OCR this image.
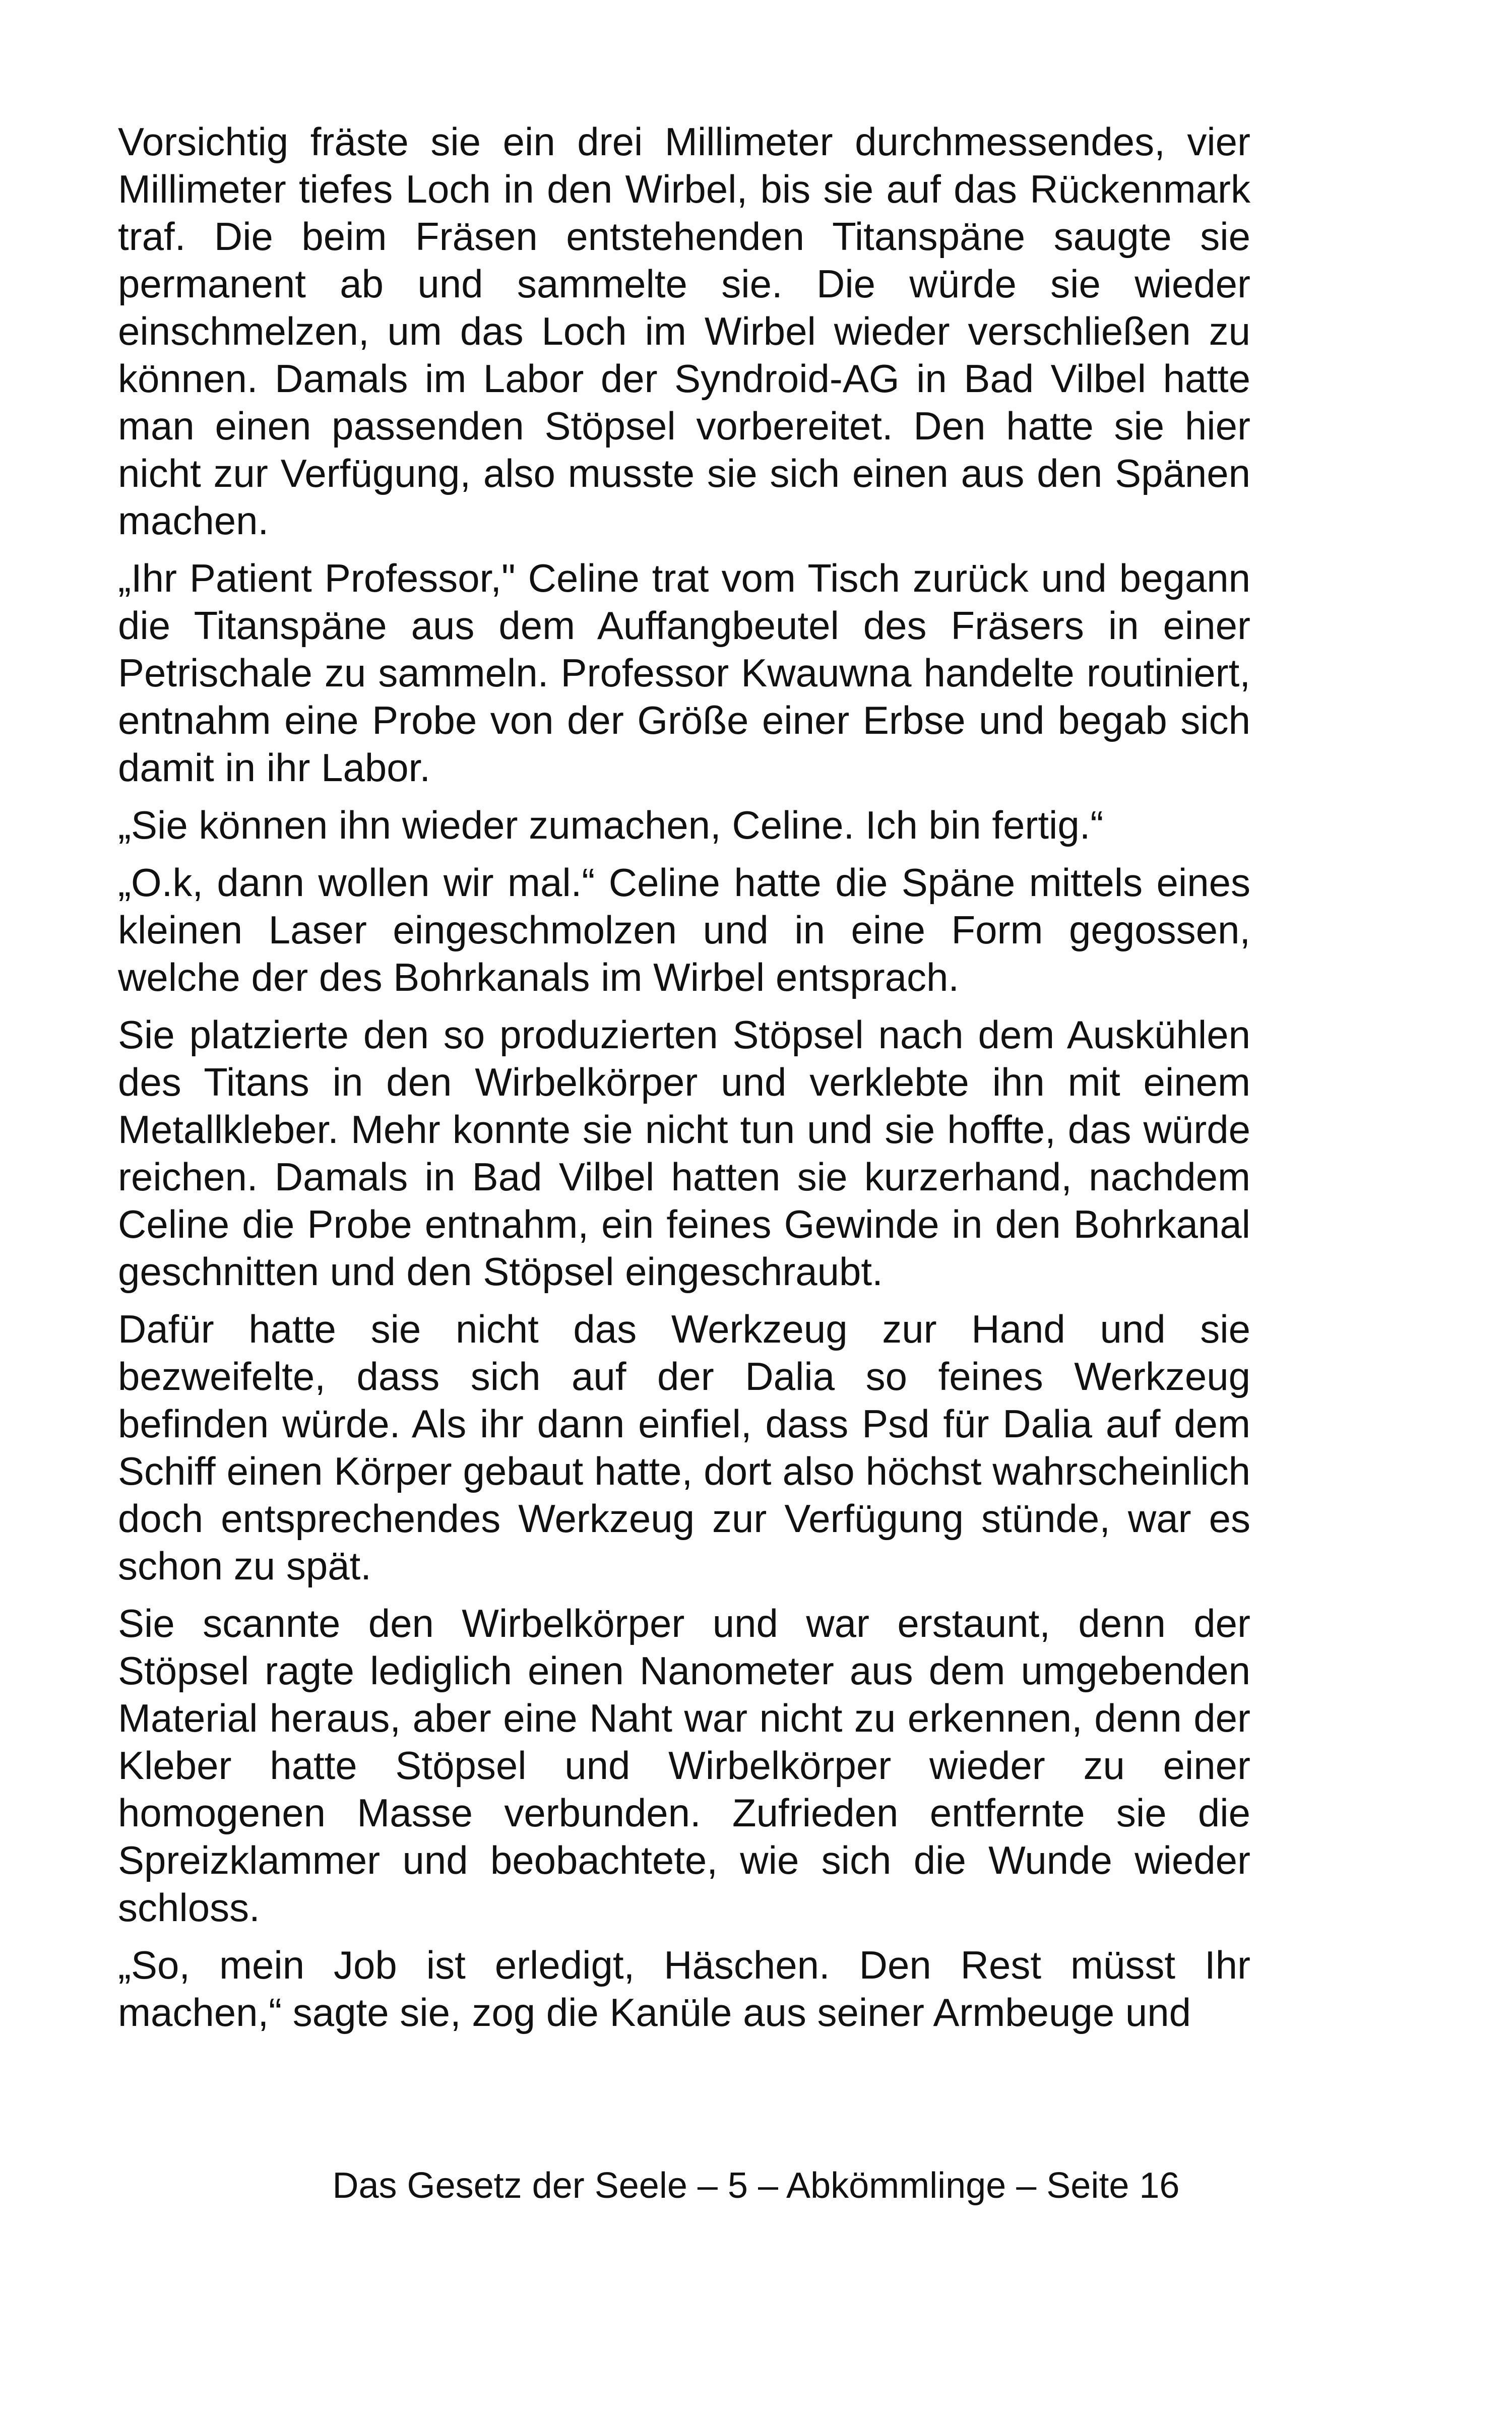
Vorsichtig fräste sie ein drei Millimeter durchmessendes, vier Millimeter tiefes Loch in den Wirbel, bis sie auf das Rückenmark traf. Die beim Fräsen entstehenden Titanspäne saugte sie permanent ab und sammelte sie. Die würde sie wieder einschmelzen, um das Loch im Wirbel wieder verschließen zu können. Damals im Labor der Syndroid-AG in Bad Vilbel hatte man einen passenden Stöpsel vorbereitet. Den hatte sie hier nicht zur Verfügung, also musste sie sich einen aus den Spänen machen.

„Ihr Patient Professor," Celine trat vom Tisch zurück und begann die Titanspäne aus dem Auffangbeutel des Fräsers in einer Petrischale zu sammeln. Professor Kwauwna handelte routiniert, entnahm eine Probe von der Größe einer Erbse und begab sich damit in ihr Labor.

„Sie können ihn wieder zumachen, Celine. Ich bin fertig.“

„O.k, dann wollen wir mal.“ Celine hatte die Späne mittels eines kleinen Laser eingeschmolzen und in eine Form gegossen, welche der des Bohrkanals im Wirbel entsprach.

Sie platzierte den so produzierten Stöpsel nach dem Auskühlen des Titans in den Wirbelkörper und verklebte ihn mit einem Metallkleber. Mehr konnte sie nicht tun und sie hoffte, das würde reichen. Damals in Bad Vilbel hatten sie kurzerhand, nachdem Celine die Probe entnahm, ein feines Gewinde in den Bohrkanal geschnitten und den Stöpsel eingeschraubt.

Dafür hatte sie nicht das Werkzeug zur Hand und sie bezweifelte, dass sich auf der Dalia so feines Werkzeug befinden würde. Als ihr dann einfiel, dass Psd für Dalia auf dem Schiff einen Körper gebaut hatte, dort also höchst wahrscheinlich doch entsprechendes Werkzeug zur Verfügung stünde, war es schon zu spät.

Sie scannte den Wirbelkörper und war erstaunt, denn der Stöpsel ragte lediglich einen Nanometer aus dem umgebenden Material heraus, aber eine Naht war nicht zu erkennen, denn der Kleber hatte Stöpsel und Wirbelkörper wieder zu einer homogenen Masse verbunden. Zufrieden entfernte sie die Spreizklammer und beobachtete, wie sich die Wunde wieder schloss.

„So, mein Job ist erledigt, Häschen. Den Rest müsst Ihr machen,“ sagte sie, zog die Kanüle aus seiner Armbeuge und

Das Gesetz der Seele – 5 – Abkömmlinge – Seite 16
